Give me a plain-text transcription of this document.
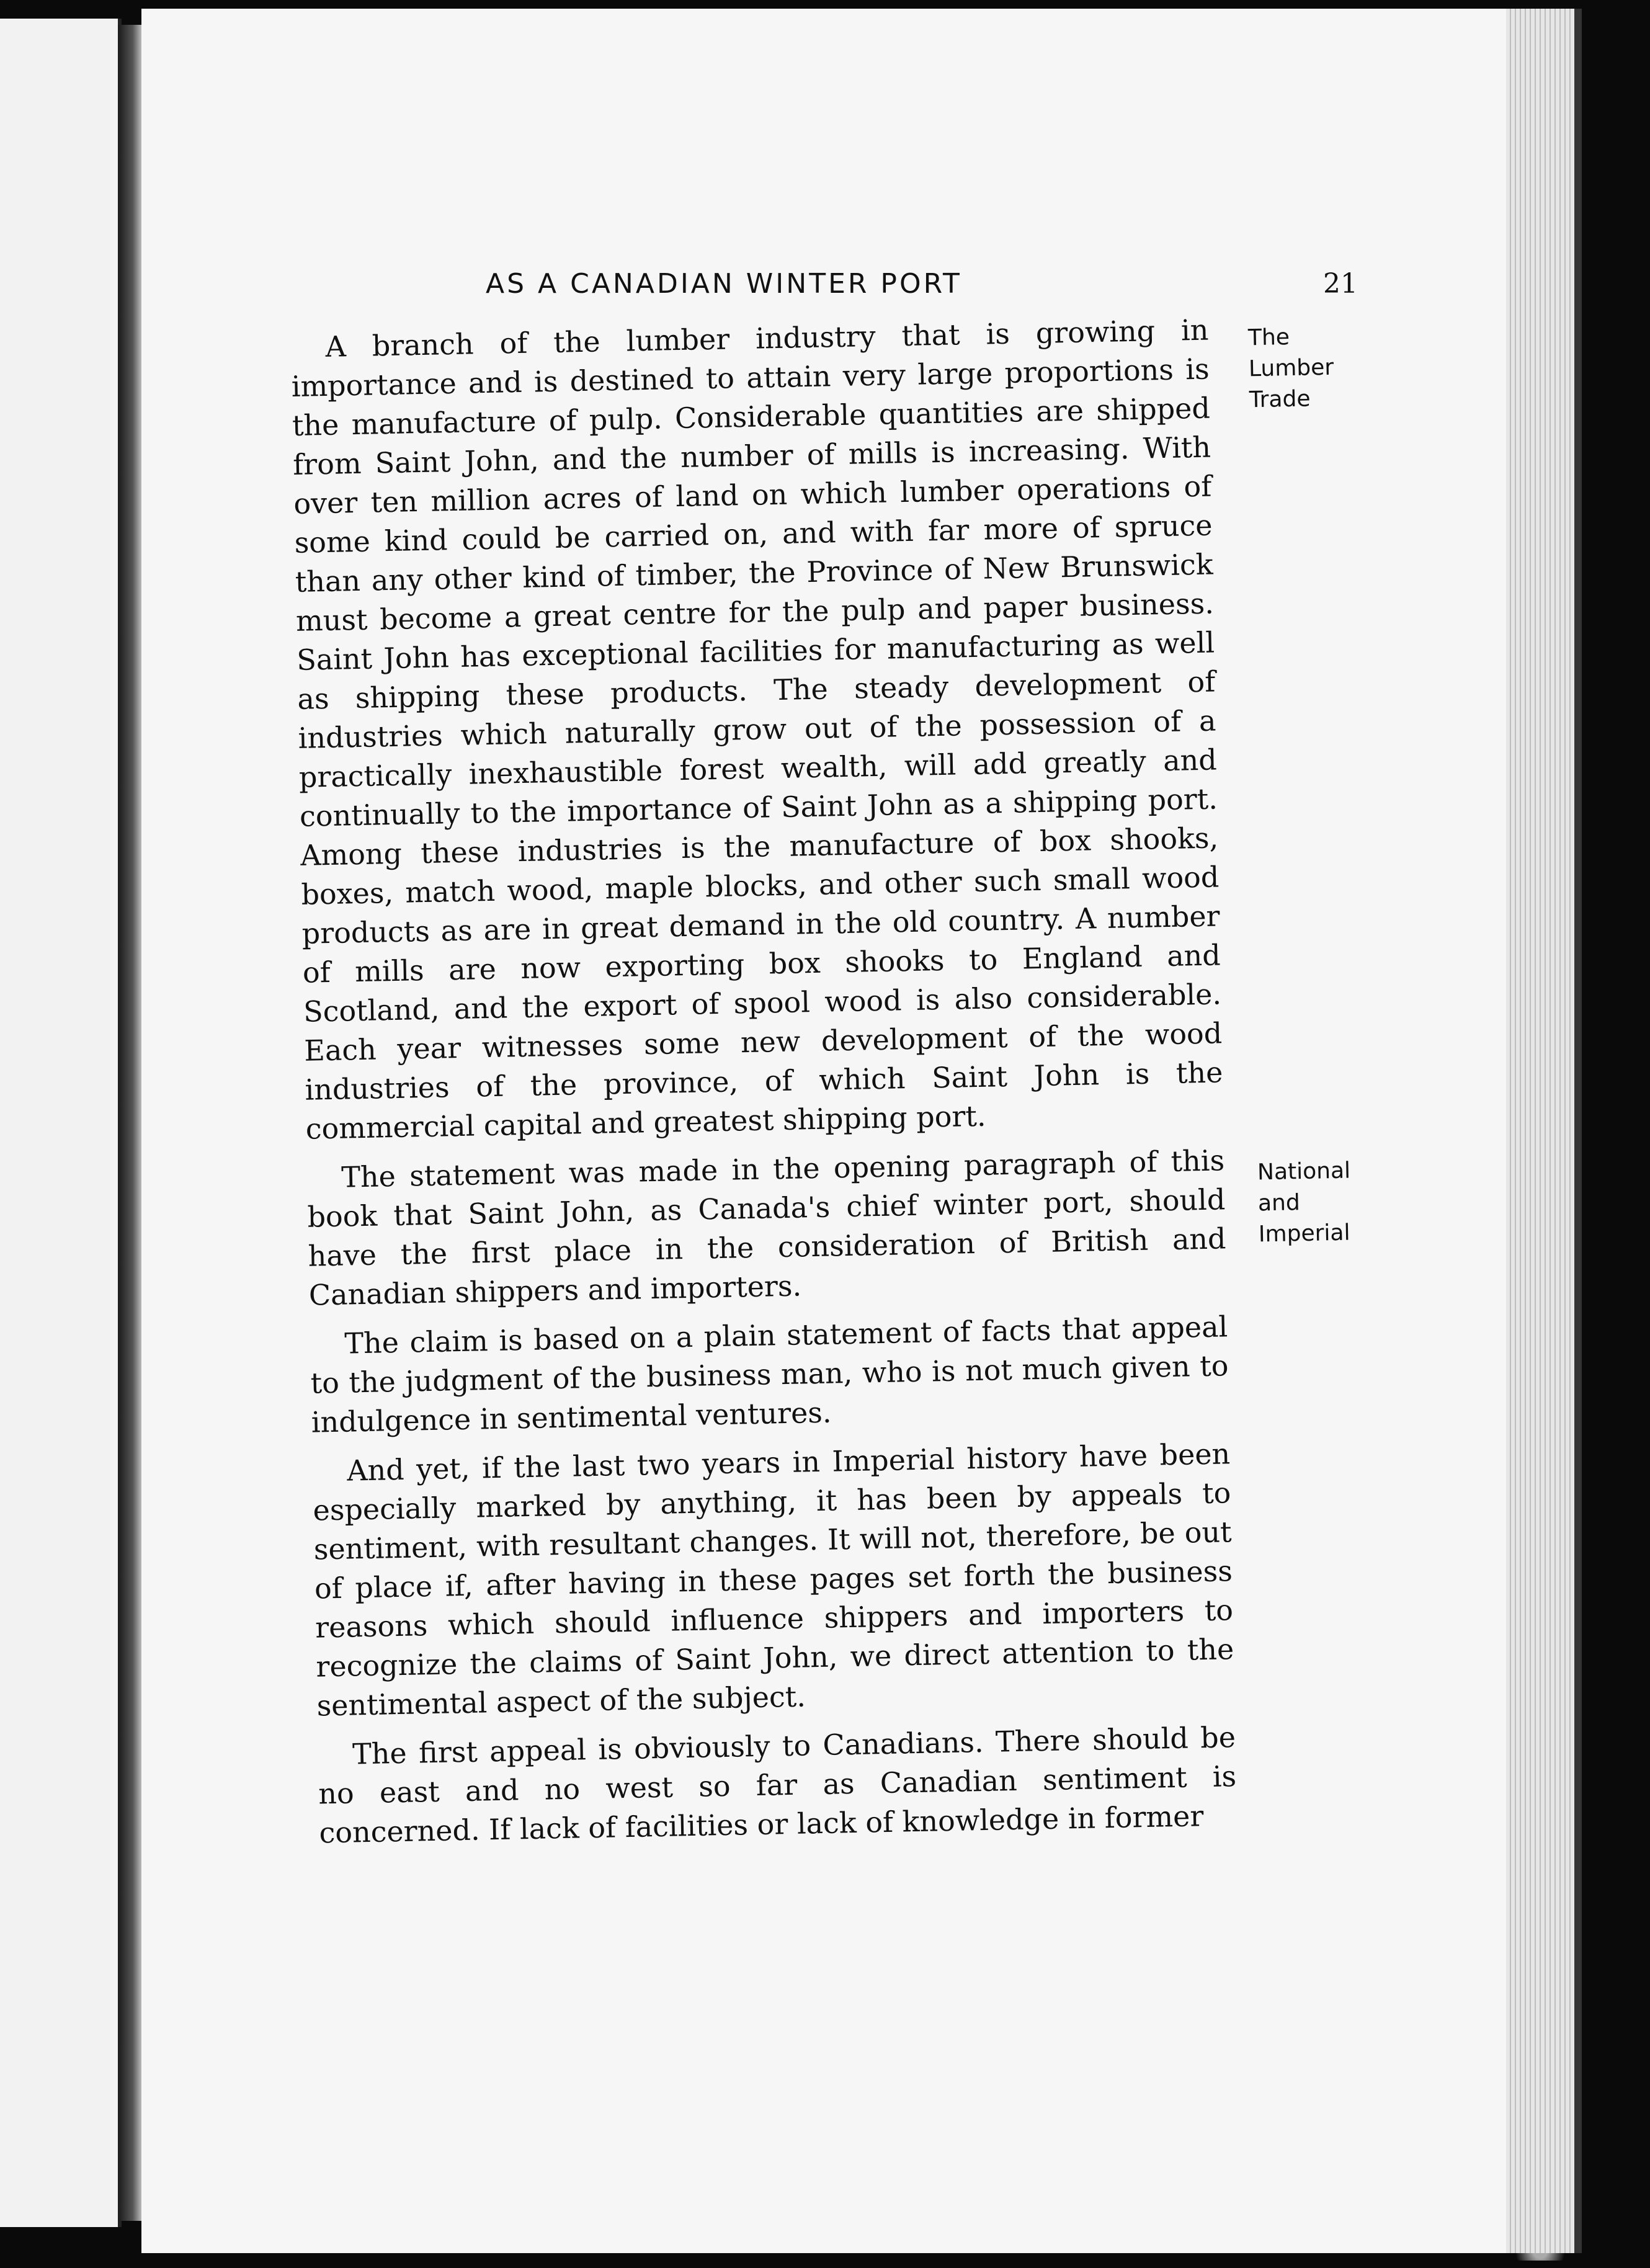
AS A CANADIAN WINTER PORT	21
The
Lumber
Trade
National
and
Imperial

A branch of the lumber industry that is growing in importance and is destined to attain very large proportions is the manufacture of pulp. Considerable quantities are shipped from Saint John, and the number of mills is increasing. With over ten million acres of land on which lumber operations of some kind could be carried on, and with far more of spruce than any other kind of timber, the Province of New Brunswick must become a great centre for the pulp and paper business. Saint John has exceptional facilities for manufacturing as well as shipping these products. The steady development of industries which naturally grow out of the possession of a practically inexhaustible forest wealth, will add greatly and continually to the importance of Saint John as a shipping port. Among these industries is the manufacture of box shooks, boxes, match wood, maple blocks, and other such small wood products as are in great demand in the old country. A number of mills are now exporting box shooks to England and Scotland, and the export of spool wood is also considerable. Each year witnesses some new development of the wood industries of the province, of which Saint John is the commercial capital and greatest shipping port.

The statement was made in the opening paragraph of this book that Saint John, as Canada's chief winter port, should have the first place in the consideration of British and Canadian shippers and importers.

The claim is based on a plain statement of facts that appeal to the judgment of the business man, who is not much given to indulgence in sentimental ventures.

And yet, if the last two years in Imperial history have been especially marked by anything, it has been by appeals to sentiment, with resultant changes. It will not, therefore, be out of place if, after having in these pages set forth the business reasons which should influence shippers and importers to recognize the claims of Saint John, we direct attention to the sentimental aspect of the subject.

The first appeal is obviously to Canadians. There should be no east and no west so far as Canadian sentiment is concerned. If lack of facilities or lack of knowledge in former
